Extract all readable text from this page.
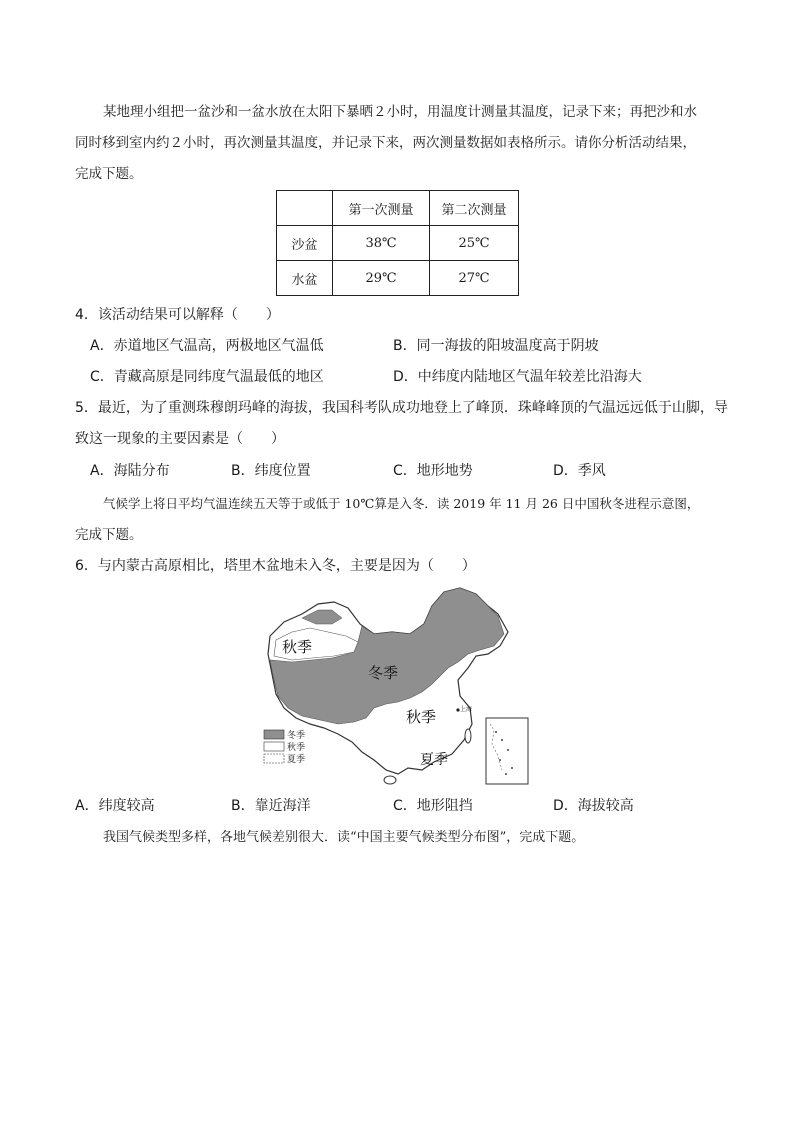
某地理小组把一盆沙和一盆水放在太阳下暴晒２小时，用温度计测量其温度，记录下来；再把沙和水
同时移到室内约２小时，再次测量其温度，并记录下来，两次测量数据如表格所示。请你分析活动结果，
完成下题。
	第一次测量	第二次测量
沙盆	38℃	25℃
水盆	29℃	27℃
4．该活动结果可以解释（　　）
A．赤道地区气温高，两极地区气温低	B．同一海拔的阳坡温度高于阴坡
C．青藏高原是同纬度气温最低的地区	D．中纬度内陆地区气温年较差比沿海大
5．最近，为了重测珠穆朗玛峰的海拔，我国科考队成功地登上了峰顶．珠峰峰顶的气温远远低于山脚，导
致这一现象的主要因素是（　　）
A．海陆分布	B．纬度位置	C．地形地势	D．季风
气候学上将日平均气温连续五天等于或低于 10℃算是入冬．读 2019 年 11 月 26 日中国秋冬进程示意图，
完成下题。
6．与内蒙古高原相比，塔里木盆地未入冬，主要是因为（　　）
秋季
冬季
秋季
夏季
上海
冬季
秋季
夏季
A．纬度较高	B．靠近海洋	C．地形阻挡	D．海拔较高
我国气候类型多样，各地气候差别很大．读“中国主要气候类型分布图”，完成下题。
